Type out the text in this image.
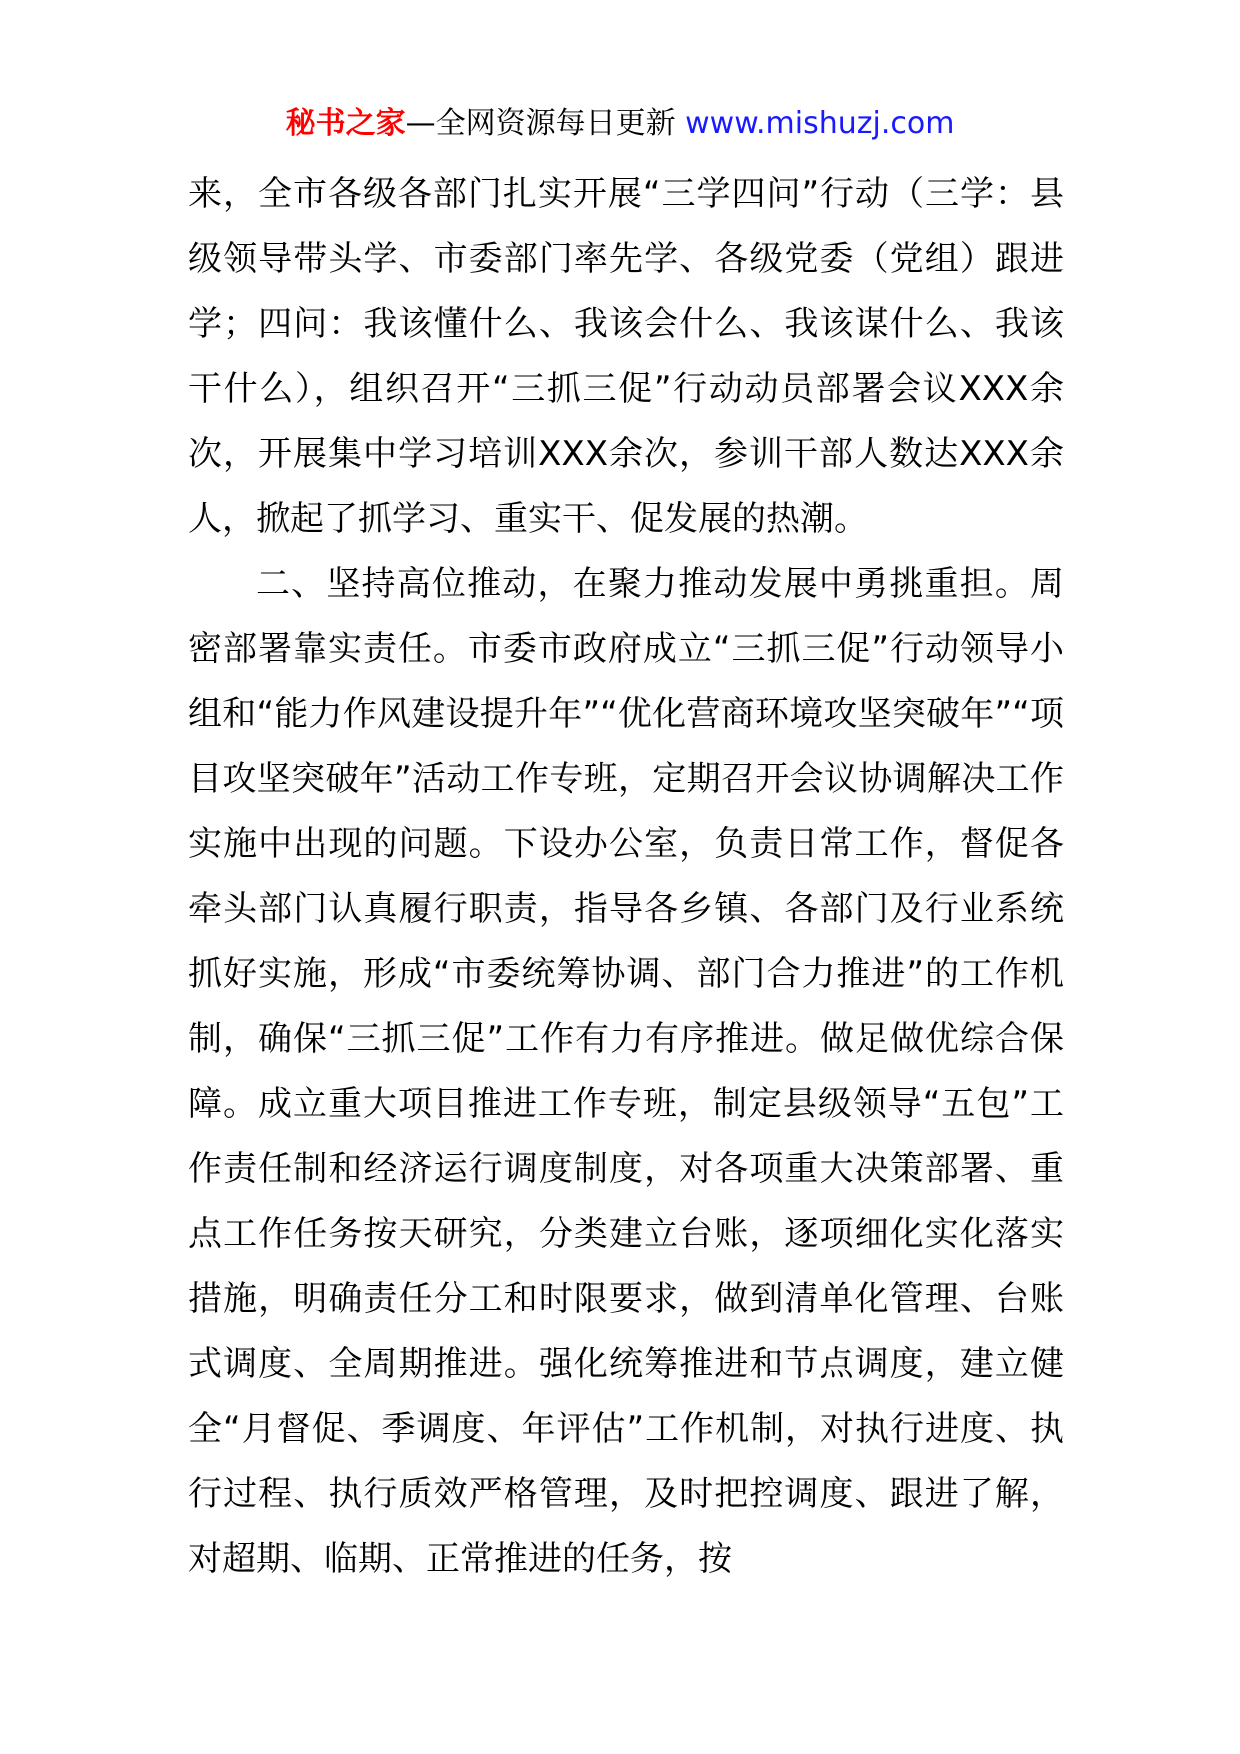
秘书之家—全网资源每日更新 www.mishuzj.com

来，全市各级各部门扎实开展“三学四问”行动（三学：县级领导带头学、市委部门率先学、各级党委（党组）跟进学；四问：我该懂什么、我该会什么、我该谋什么、我该干什么），组织召开“三抓三促”行动动员部署会议XXX余次，开展集中学习培训XXX余次，参训干部人数达XXX余人，掀起了抓学习、重实干、促发展的热潮。

二、坚持高位推动，在聚力推动发展中勇挑重担。周密部署靠实责任。市委市政府成立“三抓三促”行动领导小组和“能力作风建设提升年”“优化营商环境攻坚突破年”“项目攻坚突破年”活动工作专班，定期召开会议协调解决工作实施中出现的问题。下设办公室，负责日常工作，督促各牵头部门认真履行职责，指导各乡镇、各部门及行业系统抓好实施，形成“市委统筹协调、部门合力推进”的工作机制，确保“三抓三促”工作有力有序推进。做足做优综合保障。成立重大项目推进工作专班，制定县级领导“五包”工作责任制和经济运行调度制度，对各项重大决策部署、重点工作任务按天研究，分类建立台账，逐项细化实化落实措施，明确责任分工和时限要求，做到清单化管理、台账式调度、全周期推进。强化统筹推进和节点调度，建立健全“月督促、季调度、年评估”工作机制，对执行进度、执行过程、执行质效严格管理，及时把控调度、跟进了解，对超期、临期、正常推进的任务，按
